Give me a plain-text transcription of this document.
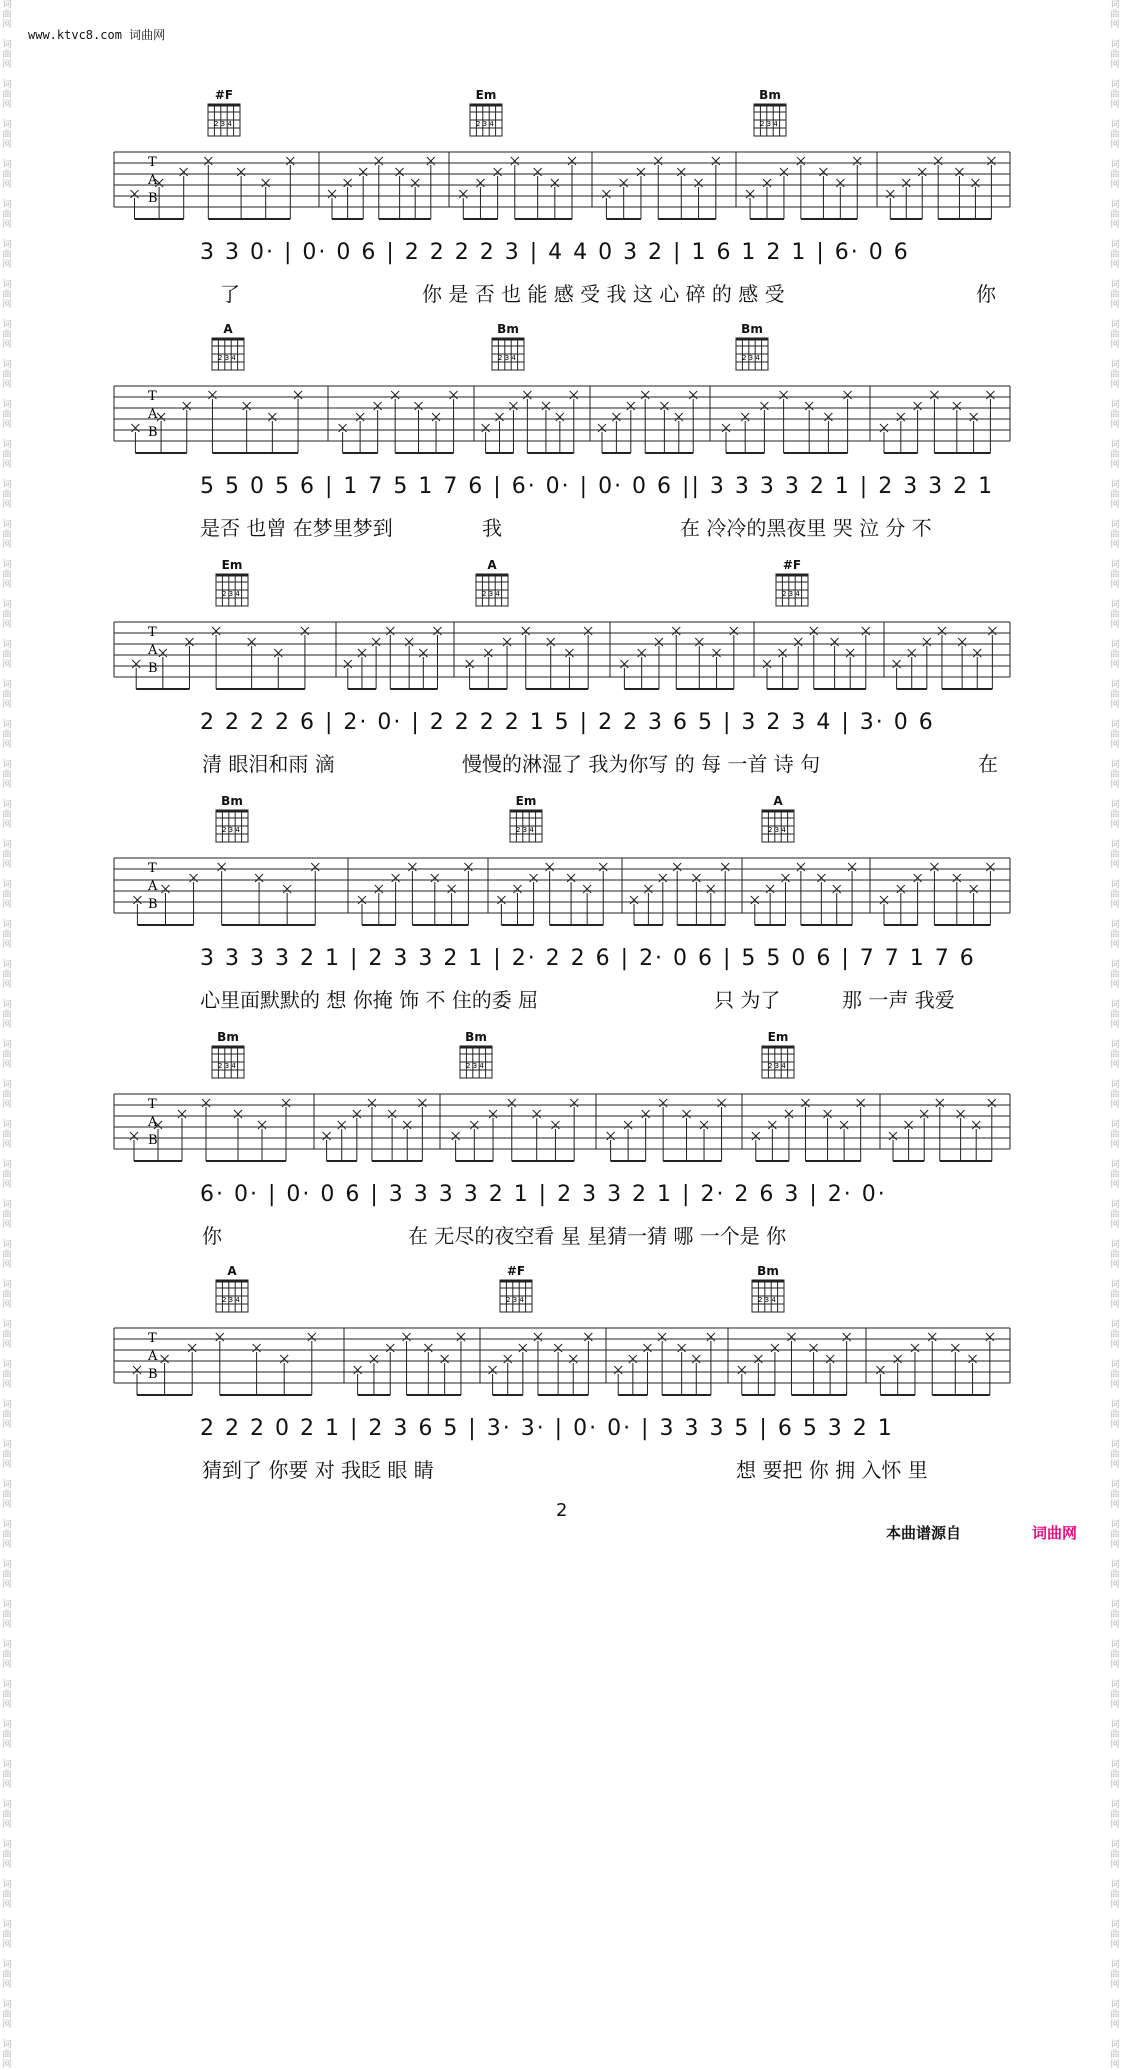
词
曲
网

词
曲
网

词
曲
网

词
曲
网

词
曲
网

词
曲
网

词
曲
网

词
曲
网

词
曲
网

词
曲
网

词
曲
网

词
曲
网

词
曲
网

词
曲
网

词
曲
网

词
曲
网

词
曲
网

词
曲
网

词
曲
网

词
曲
网

词
曲
网

词
曲
网

词
曲
网

词
曲
网

词
曲
网

词
曲
网

词
曲
网

词
曲
网

词
曲
网

词
曲
网

词
曲
网

词
曲
网

词
曲
网

词
曲
网

词
曲
网

词
曲
网

词
曲
网

词
曲
网

词
曲
网

词
曲
网

词
曲
网

词
曲
网

词
曲
网

词
曲
网

词
曲
网

词
曲
网

词
曲
网

词
曲
网

词
曲
网

词
曲
网

词
曲
网

词
曲
网

词
曲
网

词
曲
网

词
曲
网

词
曲
网

词
曲
网

词
曲
网

词
曲
网

词
曲
网

词
曲
网

词
曲
网

词
曲
网

词
曲
网

词
曲
网

词
曲
网

词
曲
网

词
曲
网

词
曲
网

词
曲
网

词
曲
网

词
曲
网

词
曲
网

词
曲
网

词
曲
网

词
曲
网

词
曲
网

词
曲
网

词
曲
网

词
曲
网

词
曲
网

词
曲
网

词
曲
网

词
曲
网

词
曲
网

词
曲
网

词
曲
网

词
曲
网

词
曲
网

词
曲
网

词
曲
网

词
曲
网

词
曲
网

词
曲
网

词
曲
网

词
曲
网

词
曲
网

词
曲
网

词
曲
网

词
曲
网

词
曲
网

词
曲
网

词
曲
网

词
曲
网

www.ktvc8.com 词曲网
#F
2 3 4
Em
2 3 4
Bm
2 3 4
T
A
B
3 3 0· | 0· 0 6 | 2 2 2 2 3 | 4 4 0 3 2 | 1 6 1 2 1 | 6· 0 6
了	你 是 否 也 能 感 受 我 这 心 碎 的 感 受	你
A
2 3 4
Bm
2 3 4
Bm
2 3 4
T
A
B
5 5 0 5 6 | 1 7 5 1 7 6 | 6· 0· | 0· 0 6 || 3 3 3 3 2 1 | 2 3 3 2 1
是否 也曾 在梦里梦到	我	在 冷冷的黑夜里 哭 泣 分 不
Em
2 3 4
A
2 3 4
#F
2 3 4
T
A
B
2 2 2 2 6 | 2· 0· | 2 2 2 2 1 5 | 2 2 3 6 5 | 3 2 3 4 | 3· 0 6
清 眼泪和雨 滴	慢慢的淋湿了 我为你写 的 每 一首 诗 句	在
Bm
2 3 4
Em
2 3 4
A
2 3 4
T
A
B
3 3 3 3 2 1 | 2 3 3 2 1 | 2· 2 2 6 | 2· 0 6 | 5 5 0 6 | 7 7 1 7 6
心里面默默的 想 你掩 饰 不 住的委 屈	只 为了	那 一声 我爱
Bm
2 3 4
Bm
2 3 4
Em
2 3 4
T
A
B
6· 0· | 0· 0 6 | 3 3 3 3 2 1 | 2 3 3 2 1 | 2· 2 6 3 | 2· 0·
你	在 无尽的夜空看 星 星猜一猜 哪 一个是 你
A
2 3 4
#F
2 3 4
Bm
2 3 4
T
A
B
2 2 2 0 2 1 | 2 3 6 5 | 3· 3· | 0· 0· | 3 3 3 5 | 6 5 3 2 1
猜到了 你要 对 我眨 眼 睛	想 要把 你 拥 入怀 里
2
本曲谱源自	词曲网
